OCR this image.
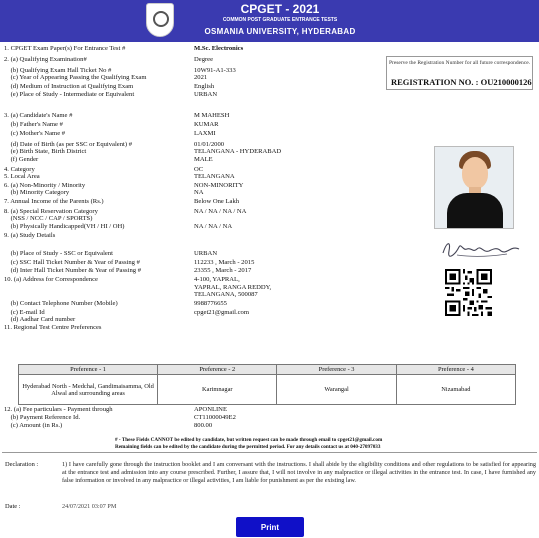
CPGET - 2021
COMMON POST GRADUATE ENTRANCE TESTS
OSMANIA UNIVERSITY, HYDERABAD
Preserve the Registration Number for all future correspondence.
REGISTRATION NO. : OU210000126
1. CPGET Exam Paper(s) For Entrance Test #	M.Sc. Electronics
2. (a) Qualifying Examination#	Degree
(b) Qualifying Exam Hall Ticket No #	10W91-A1-333
(c) Year of Appearing Passing the Qualifying Exam	2021
(d) Medium of Instruction at Qualifying Exam	English
(e) Place of Study - Intermediate or Equivalent	URBAN
3. (a) Candidate's Name #	M MAHESH
(b) Father's Name #	KUMAR
(c) Mother's Name #	LAXMI
(d) Date of Birth (as per SSC or Equivalent) #	01/01/2000
(e) Birth State, Birth District	TELANGANA - HYDERABAD
(f) Gender	MALE
4. Category	OC
5. Local Area	TELANGANA
6. (a) Non-Minority / Minority	NON-MINORITY
(b) Minority Category	NA
7. Annual Income of the Parents (Rs.)	Below One Lakh
8. (a) Special Reservation Category	NA / NA / NA / NA
(NSS / NCC / CAP / SPORTS)
(b) Physically Handicapped(VH / HI / OH)	NA / NA / NA
9. (a) Study Details
(b) Place of Study - SSC or Equivalent	URBAN
(c) SSC Hall Ticket Number & Year of Passing #	112233 , March - 2015
(d) Inter Hall Ticket Number & Year of Passing #	23355 , March - 2017
10. (a) Address for Correspondence	4-100, YAPRAL,
YAPRAL, RANGA REDDY,
TELANGANA, 500087
(b) Contact Telephone Number (Mobile)	9988776655
(c) E-mail Id	cpget21@gmail.com
(d) Aadhar Card number
11. Regional Test Centre Preferences
Preference - 1	Preference - 2	Preference - 3	Preference - 4
Hyderabad North - Medchal, Gandimaisamma, Old Alwal and surrounding areas	Karimnagar	Warangal	Nizamabad
12. (a) Fee particulars - Payment through	APONLINE
(b) Payment Reference Id.	CT11000049E2
(c) Amount (in Rs.)	800.00
# - These Fields CANNOT be edited by candidate, but written request can be made through email to cpget21@gmail.com
Remaining fields can be edited by the candidate during the permitted period. For any details contact us at 040-27097033
Declaration :	1) I have carefully gone through the instruction booklet and I am conversant with the instructions. I shall abide by the eligibility conditions and other regulations to be satisfied for appearing at the entrance test and admission into any course prescribed. Further, I assure that, I will not involve in any malpractice or illegal activities in the entrance test. In case, I have furnished any false information or involved in any malpractice or illegal activities, I am liable for punishment as per the existing law.
Date :	24/07/2021 03:07 PM
Print
